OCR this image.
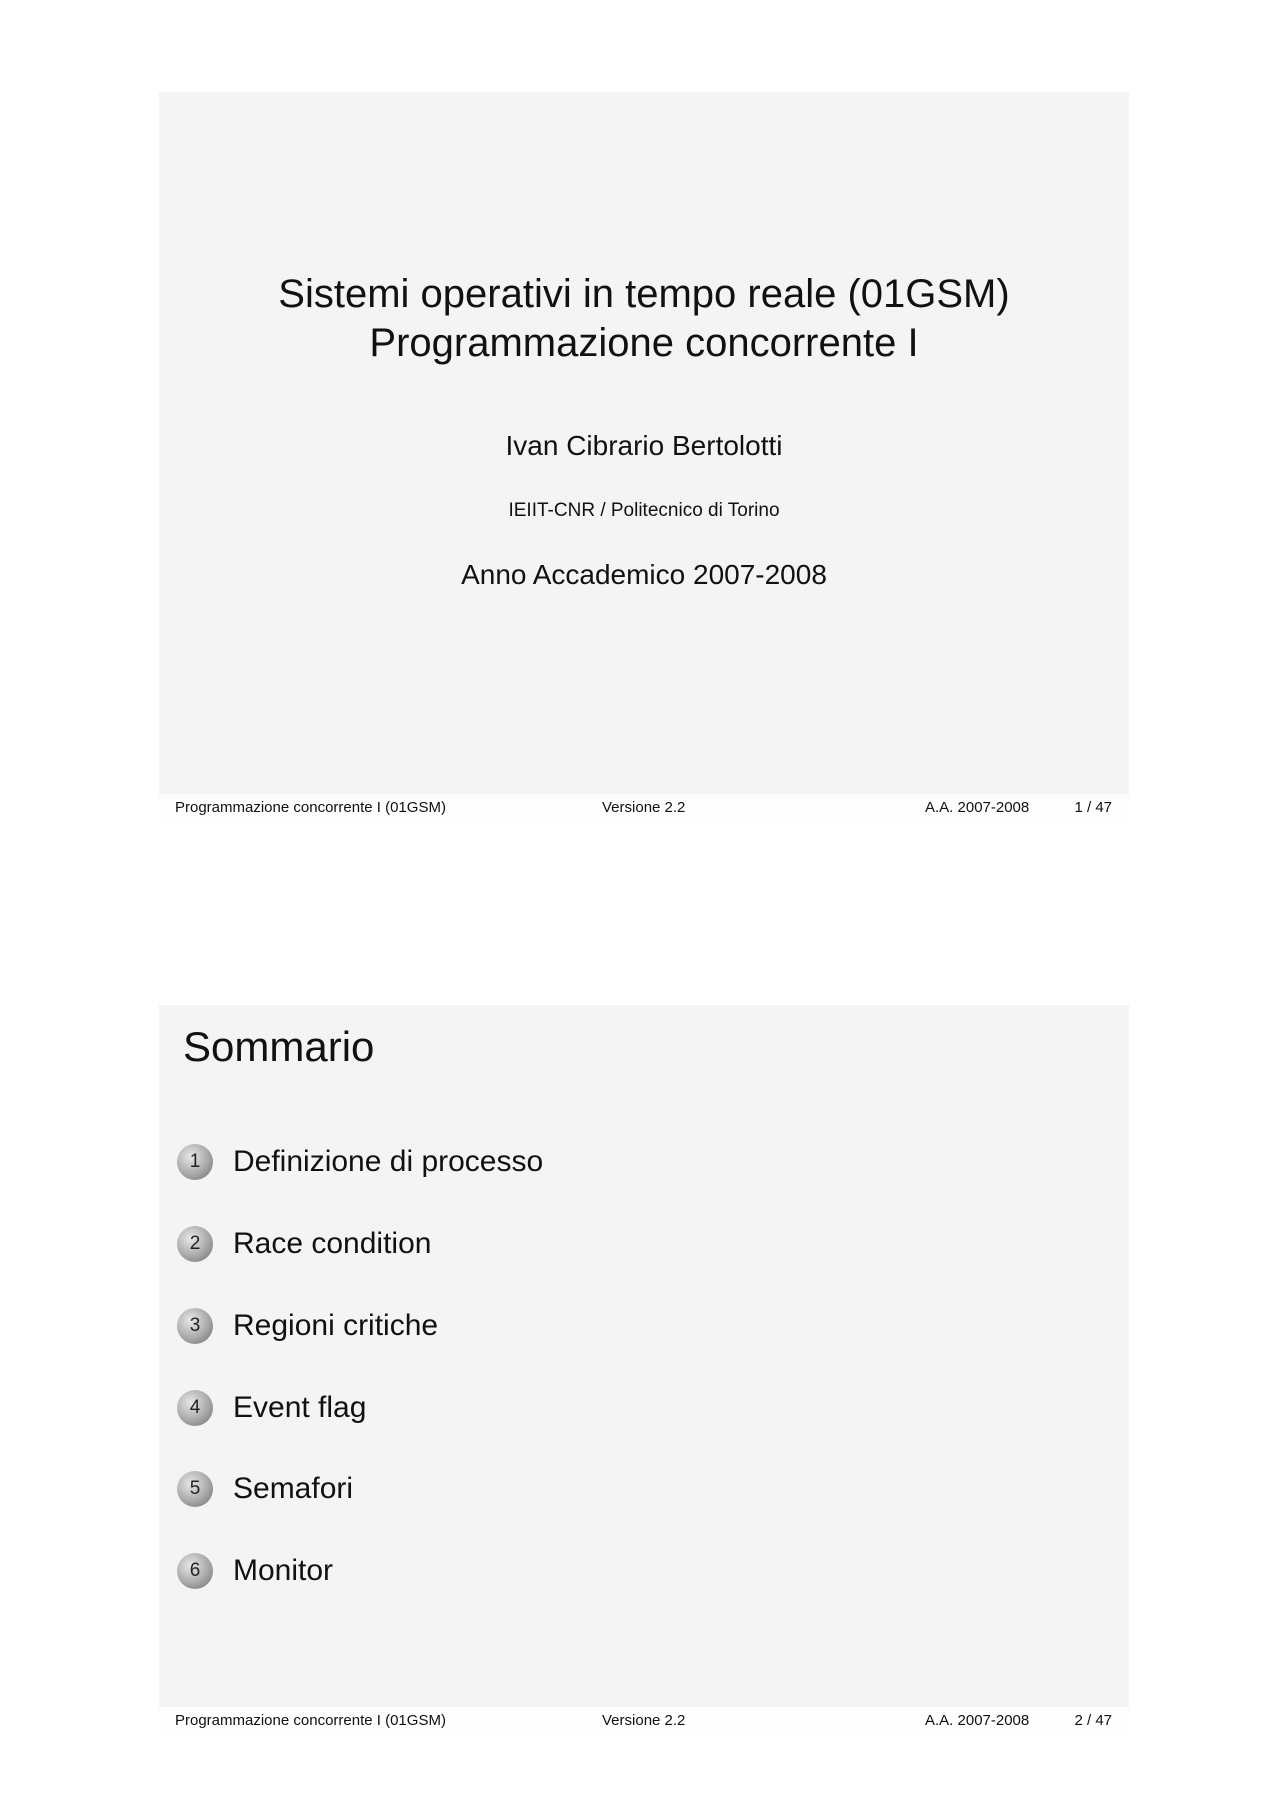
Sistemi operativi in tempo reale (01GSM)
Programmazione concorrente I
Ivan Cibrario Bertolotti
IEIIT-CNR / Politecnico di Torino
Anno Accademico 2007-2008
Programmazione concorrente I (01GSM)	Versione 2.2	A.A. 2007-2008	1 / 47
Sommario
1	Definizione di processo
2	Race condition
3	Regioni critiche
4	Event flag
5	Semafori
6	Monitor
Programmazione concorrente I (01GSM)	Versione 2.2	A.A. 2007-2008	2 / 47
